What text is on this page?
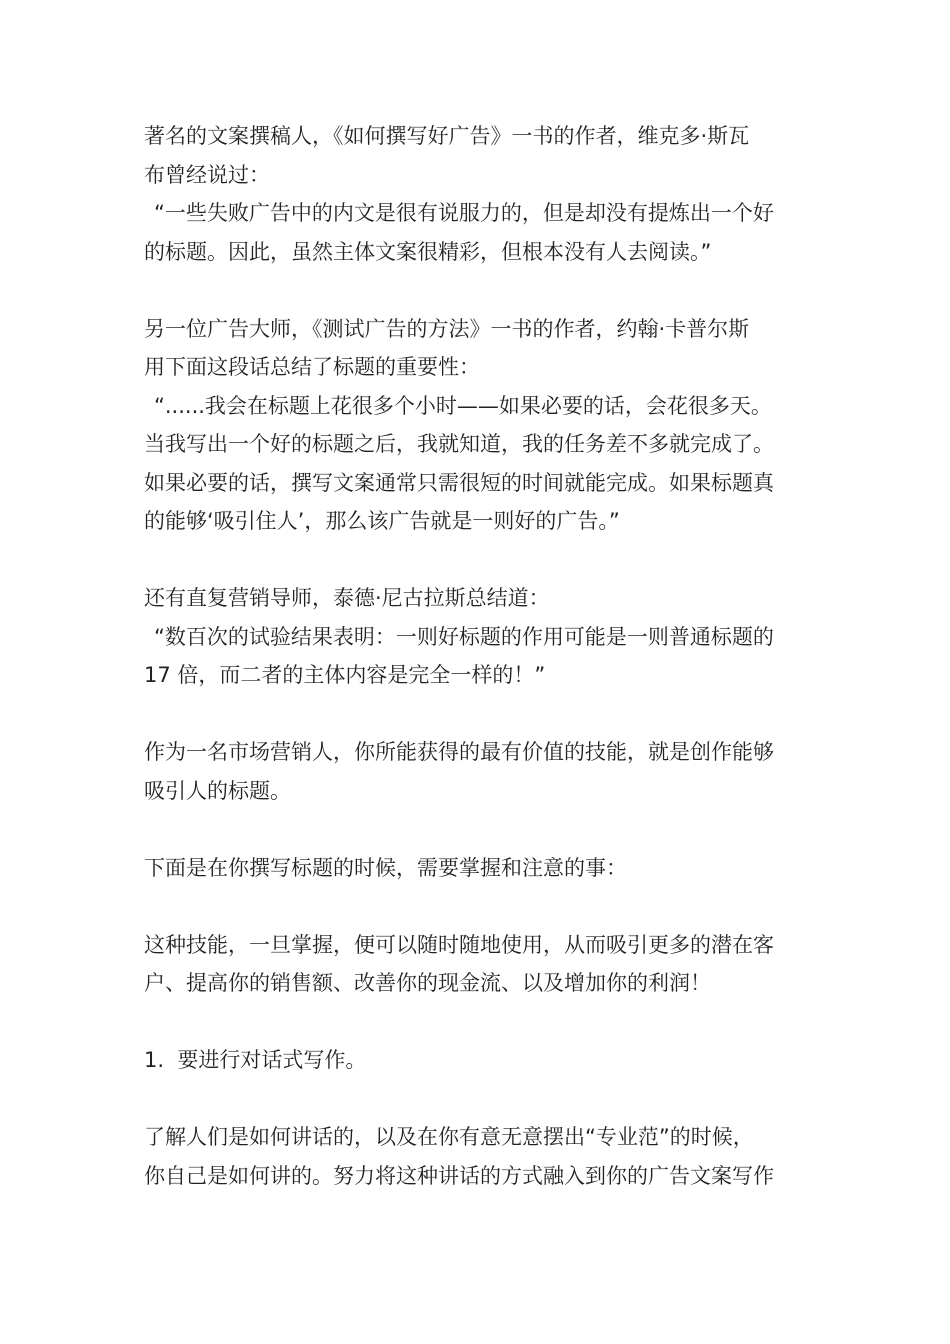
著名的文案撰稿人，《如何撰写好广告》一书的作者，维克多·斯瓦
布曾经说过：
“一些失败广告中的内文是很有说服力的，但是却没有提炼出一个好
的标题。因此，虽然主体文案很精彩，但根本没有人去阅读。”

另一位广告大师，《测试广告的方法》一书的作者，约翰·卡普尔斯
用下面这段话总结了标题的重要性：
“......我会在标题上花很多个小时——如果必要的话，会花很多天。
当我写出一个好的标题之后，我就知道，我的任务差不多就完成了。
如果必要的话，撰写文案通常只需很短的时间就能完成。如果标题真
的能够‘吸引住人’，那么该广告就是一则好的广告。”

还有直复营销导师，泰德·尼古拉斯总结道：
“数百次的试验结果表明：一则好标题的作用可能是一则普通标题的
17 倍，而二者的主体内容是完全一样的！”

作为一名市场营销人，你所能获得的最有价值的技能，就是创作能够
吸引人的标题。

下面是在你撰写标题的时候，需要掌握和注意的事：

这种技能，一旦掌握，便可以随时随地使用，从而吸引更多的潜在客
户、提高你的销售额、改善你的现金流、以及增加你的利润！

1.  要进行对话式写作。

了解人们是如何讲话的，以及在你有意无意摆出“专业范”的时候，
你自己是如何讲的。努力将这种讲话的方式融入到你的广告文案写作
